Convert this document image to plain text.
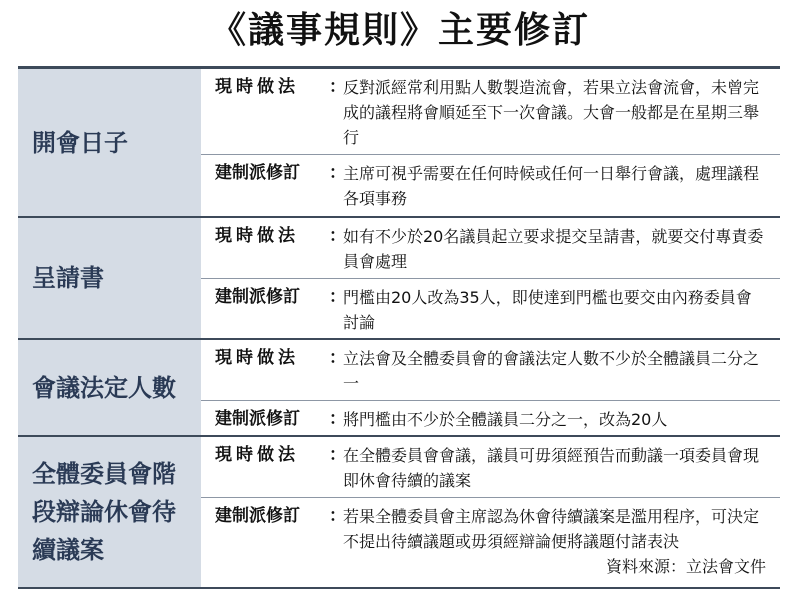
《議事規則》主要修訂
開會日子
現時做法	：
反對派經常利用點人數製造流會，若果立法會流會，未曾完成的議程將會順延至下一次會議。大會一般都是在星期三舉行
建制派修訂	：
主席可視乎需要在任何時候或任何一日舉行會議，處理議程各項事務
呈請書
現時做法	：
如有不少於20名議員起立要求提交呈請書，就要交付專責委員會處理
建制派修訂	：
門檻由20人改為35人，即使達到門檻也要交由內務委員會討論
會議法定人數
現時做法	：
立法會及全體委員會的會議法定人數不少於全體議員二分之一
建制派修訂	：
將門檻由不少於全體議員二分之一，改為20人
全體委員會階段辯論休會待續議案
現時做法	：
在全體委員會會議，議員可毋須經預告而動議一項委員會現即休會待續的議案
建制派修訂	：
若果全體委員會主席認為休會待續議案是濫用程序，可決定不提出待續議題或毋須經辯論便將議題付諸表決
資料來源：立法會文件
